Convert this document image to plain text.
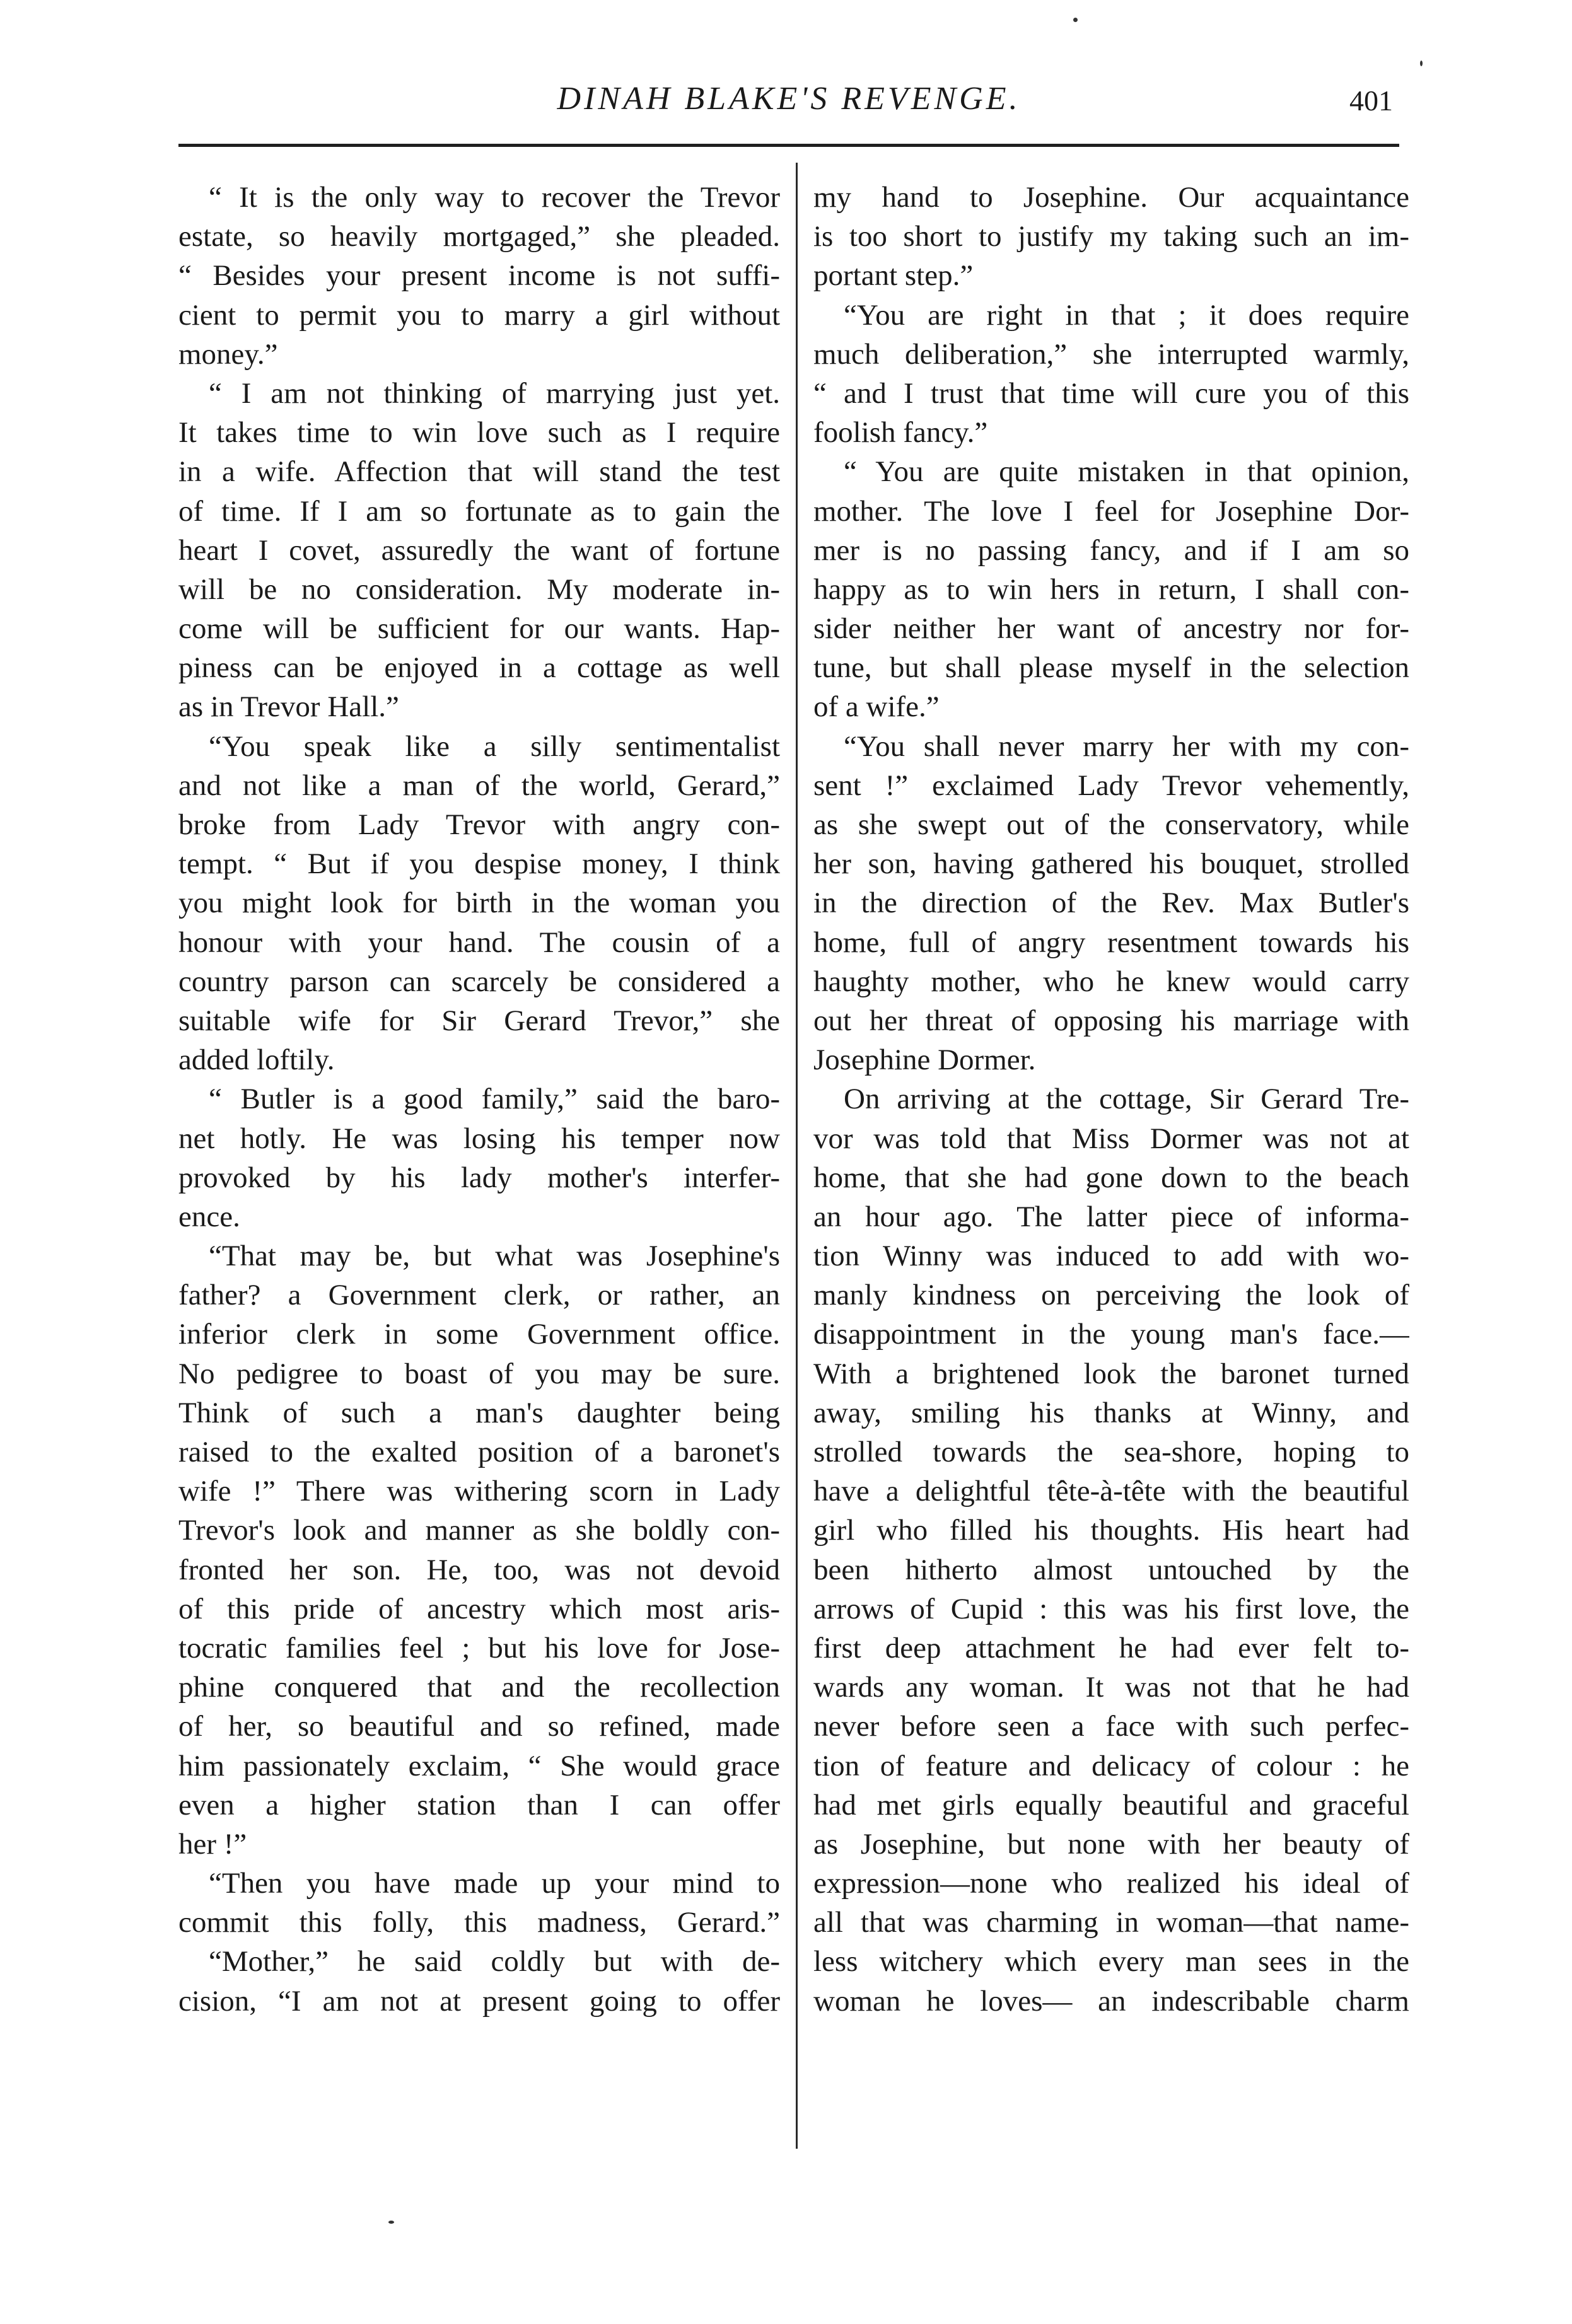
DINAH BLAKE'S REVENGE.	401
“ It is the only way to recover the Trevor
estate, so heavily mortgaged,” she pleaded.
“ Besides your present income is not suffi-
cient to permit you to marry a girl without
money.”
“ I am not thinking of marrying just yet.
It takes time to win love such as I require
in a wife. Affection that will stand the test
of time. If I am so fortunate as to gain the
heart I covet, assuredly the want of fortune
will be no consideration. My moderate in-
come will be sufficient for our wants. Hap-
piness can be enjoyed in a cottage as well
as in Trevor Hall.”
“You speak like a silly sentimentalist
and not like a man of the world, Gerard,”
broke from Lady Trevor with angry con-
tempt. “ But if you despise money, I think
you might look for birth in the woman you
honour with your hand. The cousin of a
country parson can scarcely be considered a
suitable wife for Sir Gerard Trevor,” she
added loftily.
“ Butler is a good family,” said the baro-
net hotly. He was losing his temper now
provoked by his lady mother's interfer-
ence.
“That may be, but what was Josephine's
father? a Government clerk, or rather, an
inferior clerk in some Government office.
No pedigree to boast of you may be sure.
Think of such a man's daughter being
raised to the exalted position of a baronet's
wife !” There was withering scorn in Lady
Trevor's look and manner as she boldly con-
fronted her son. He, too, was not devoid
of this pride of ancestry which most aris-
tocratic families feel ; but his love for Jose-
phine conquered that and the recollection
of her, so beautiful and so refined, made
him passionately exclaim, “ She would grace
even a higher station than I can offer
her !”
“Then you have made up your mind to
commit this folly, this madness, Gerard.”
“Mother,” he said coldly but with de-
cision, “I am not at present going to offer
my hand to Josephine. Our acquaintance
is too short to justify my taking such an im-
portant step.”
“You are right in that ; it does require
much deliberation,” she interrupted warmly,
“ and I trust that time will cure you of this
foolish fancy.”
“ You are quite mistaken in that opinion,
mother. The love I feel for Josephine Dor-
mer is no passing fancy, and if I am so
happy as to win hers in return, I shall con-
sider neither her want of ancestry nor for-
tune, but shall please myself in the selection
of a wife.”
“You shall never marry her with my con-
sent !” exclaimed Lady Trevor vehemently,
as she swept out of the conservatory, while
her son, having gathered his bouquet, strolled
in the direction of the Rev. Max Butler's
home, full of angry resentment towards his
haughty mother, who he knew would carry
out her threat of opposing his marriage with
Josephine Dormer.
On arriving at the cottage, Sir Gerard Tre-
vor was told that Miss Dormer was not at
home, that she had gone down to the beach
an hour ago. The latter piece of informa-
tion Winny was induced to add with wo-
manly kindness on perceiving the look of
disappointment in the young man's face.—
With a brightened look the baronet turned
away, smiling his thanks at Winny, and
strolled towards the sea-shore, hoping to
have a delightful tête-à-tête with the beautiful
girl who filled his thoughts. His heart had
been hitherto almost untouched by the
arrows of Cupid : this was his first love, the
first deep attachment he had ever felt to-
wards any woman. It was not that he had
never before seen a face with such perfec-
tion of feature and delicacy of colour : he
had met girls equally beautiful and graceful
as Josephine, but none with her beauty of
expression—none who realized his ideal of
all that was charming in woman—that name-
less witchery which every man sees in the
woman he loves— an indescribable charm
